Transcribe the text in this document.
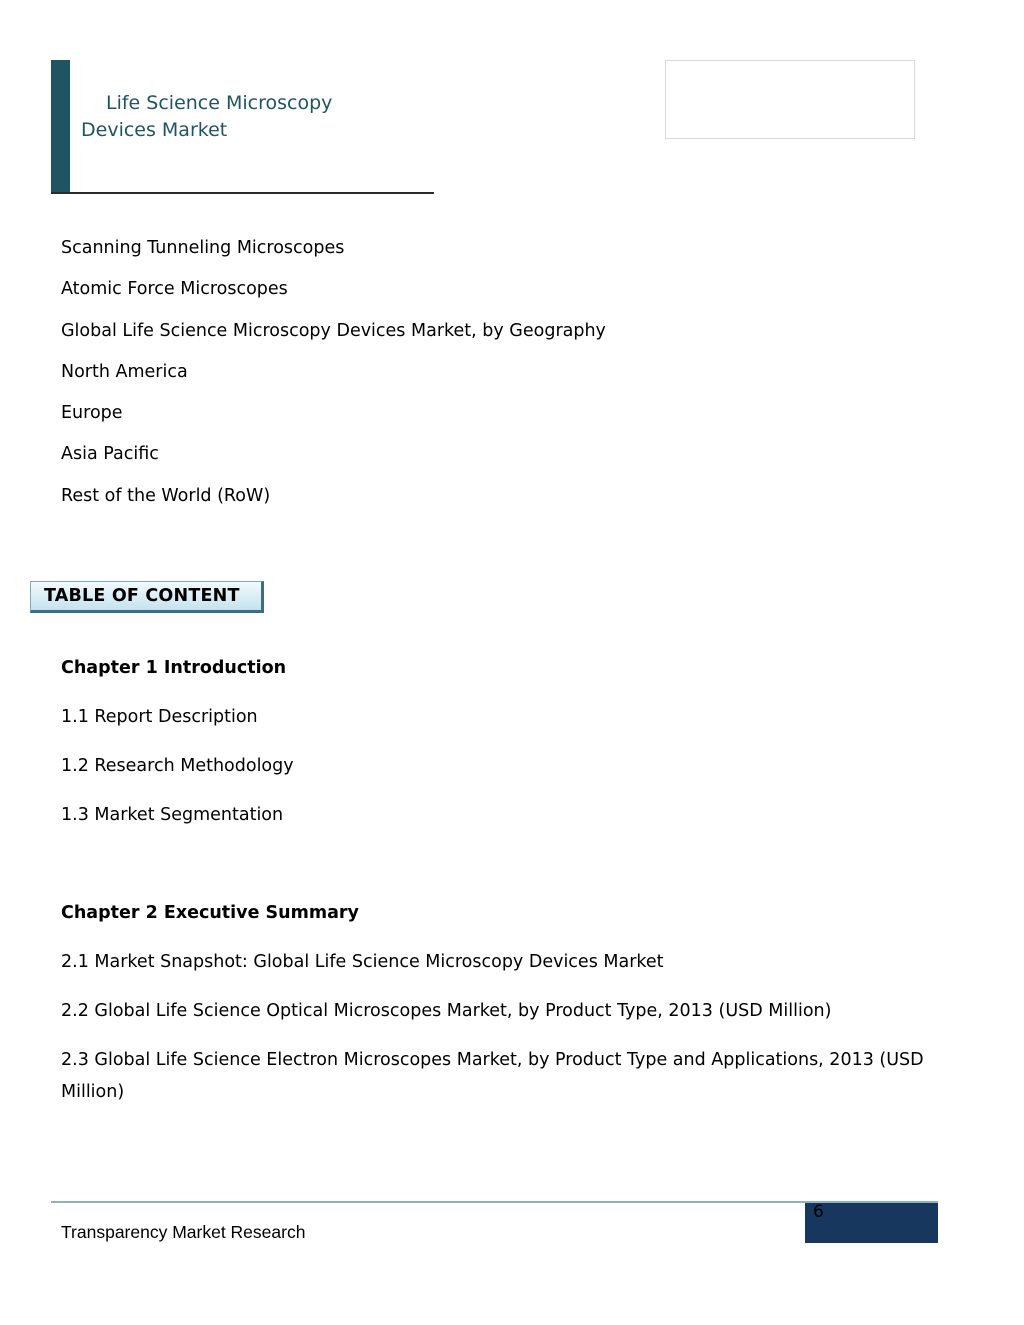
Life Science Microscopy
Devices Market
Scanning Tunneling Microscopes
Atomic Force Microscopes
Global Life Science Microscopy Devices Market, by Geography
North America
Europe
Asia Pacific
Rest of the World (RoW)
TABLE OF CONTENT

Chapter 1 Introduction

1.1 Report Description

1.2 Research Methodology

1.3 Market Segmentation

Chapter 2 Executive Summary

2.1 Market Snapshot: Global Life Science Microscopy Devices Market

2.2 Global Life Science Optical Microscopes Market, by Product Type, 2013 (USD Million)

2.3 Global Life Science Electron Microscopes Market, by Product Type and Applications, 2013 (USD Million)

Transparency Market Research
6
